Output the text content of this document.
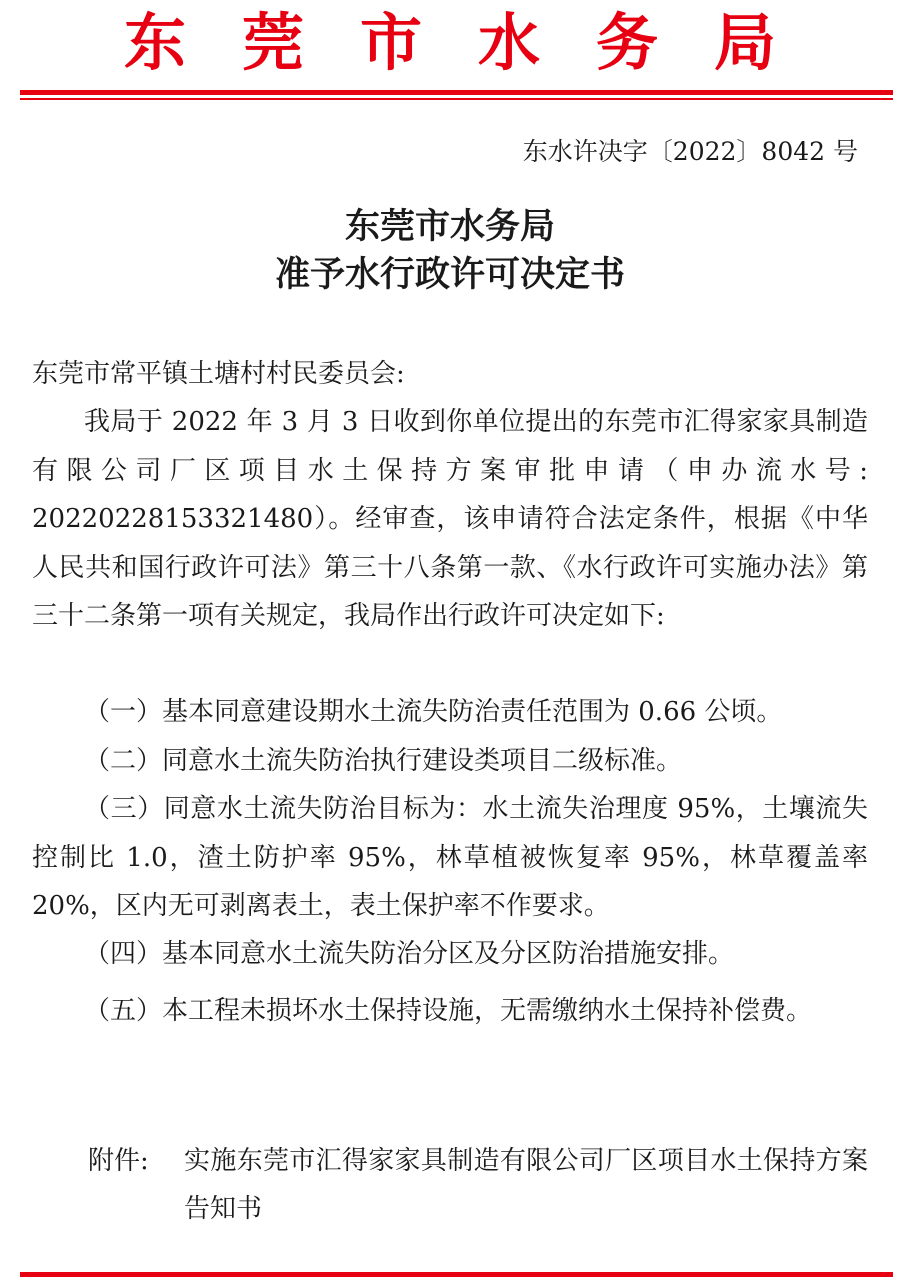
东莞市水务局
东水许决字〔2022〕8042 号
东莞市水务局
准予水行政许可决定书
东莞市常平镇土塘村村民委员会:
我局于 2022 年 3 月 3 日收到你单位提出的东莞市汇得家家具制造有限公司厂区项目水土保持方案审批申请（申办流水号: 20220228153321480）。经审查，该申请符合法定条件，根据《中华人民共和国行政许可法》第三十八条第一款、《水行政许可实施办法》第三十二条第一项有关规定，我局作出行政许可决定如下:
（一）基本同意建设期水土流失防治责任范围为 0.66 公顷。
（二）同意水土流失防治执行建设类项目二级标准。
（三）同意水土流失防治目标为：水土流失治理度 95%，土壤流失控制比 1.0，渣土防护率 95%，林草植被恢复率 95%，林草覆盖率 20%，区内无可剥离表土，表土保护率不作要求。
（四）基本同意水土流失防治分区及分区防治措施安排。
（五）本工程未损坏水土保持设施，无需缴纳水土保持补偿费。
附件: 实施东莞市汇得家家具制造有限公司厂区项目水土保持方案告知书
